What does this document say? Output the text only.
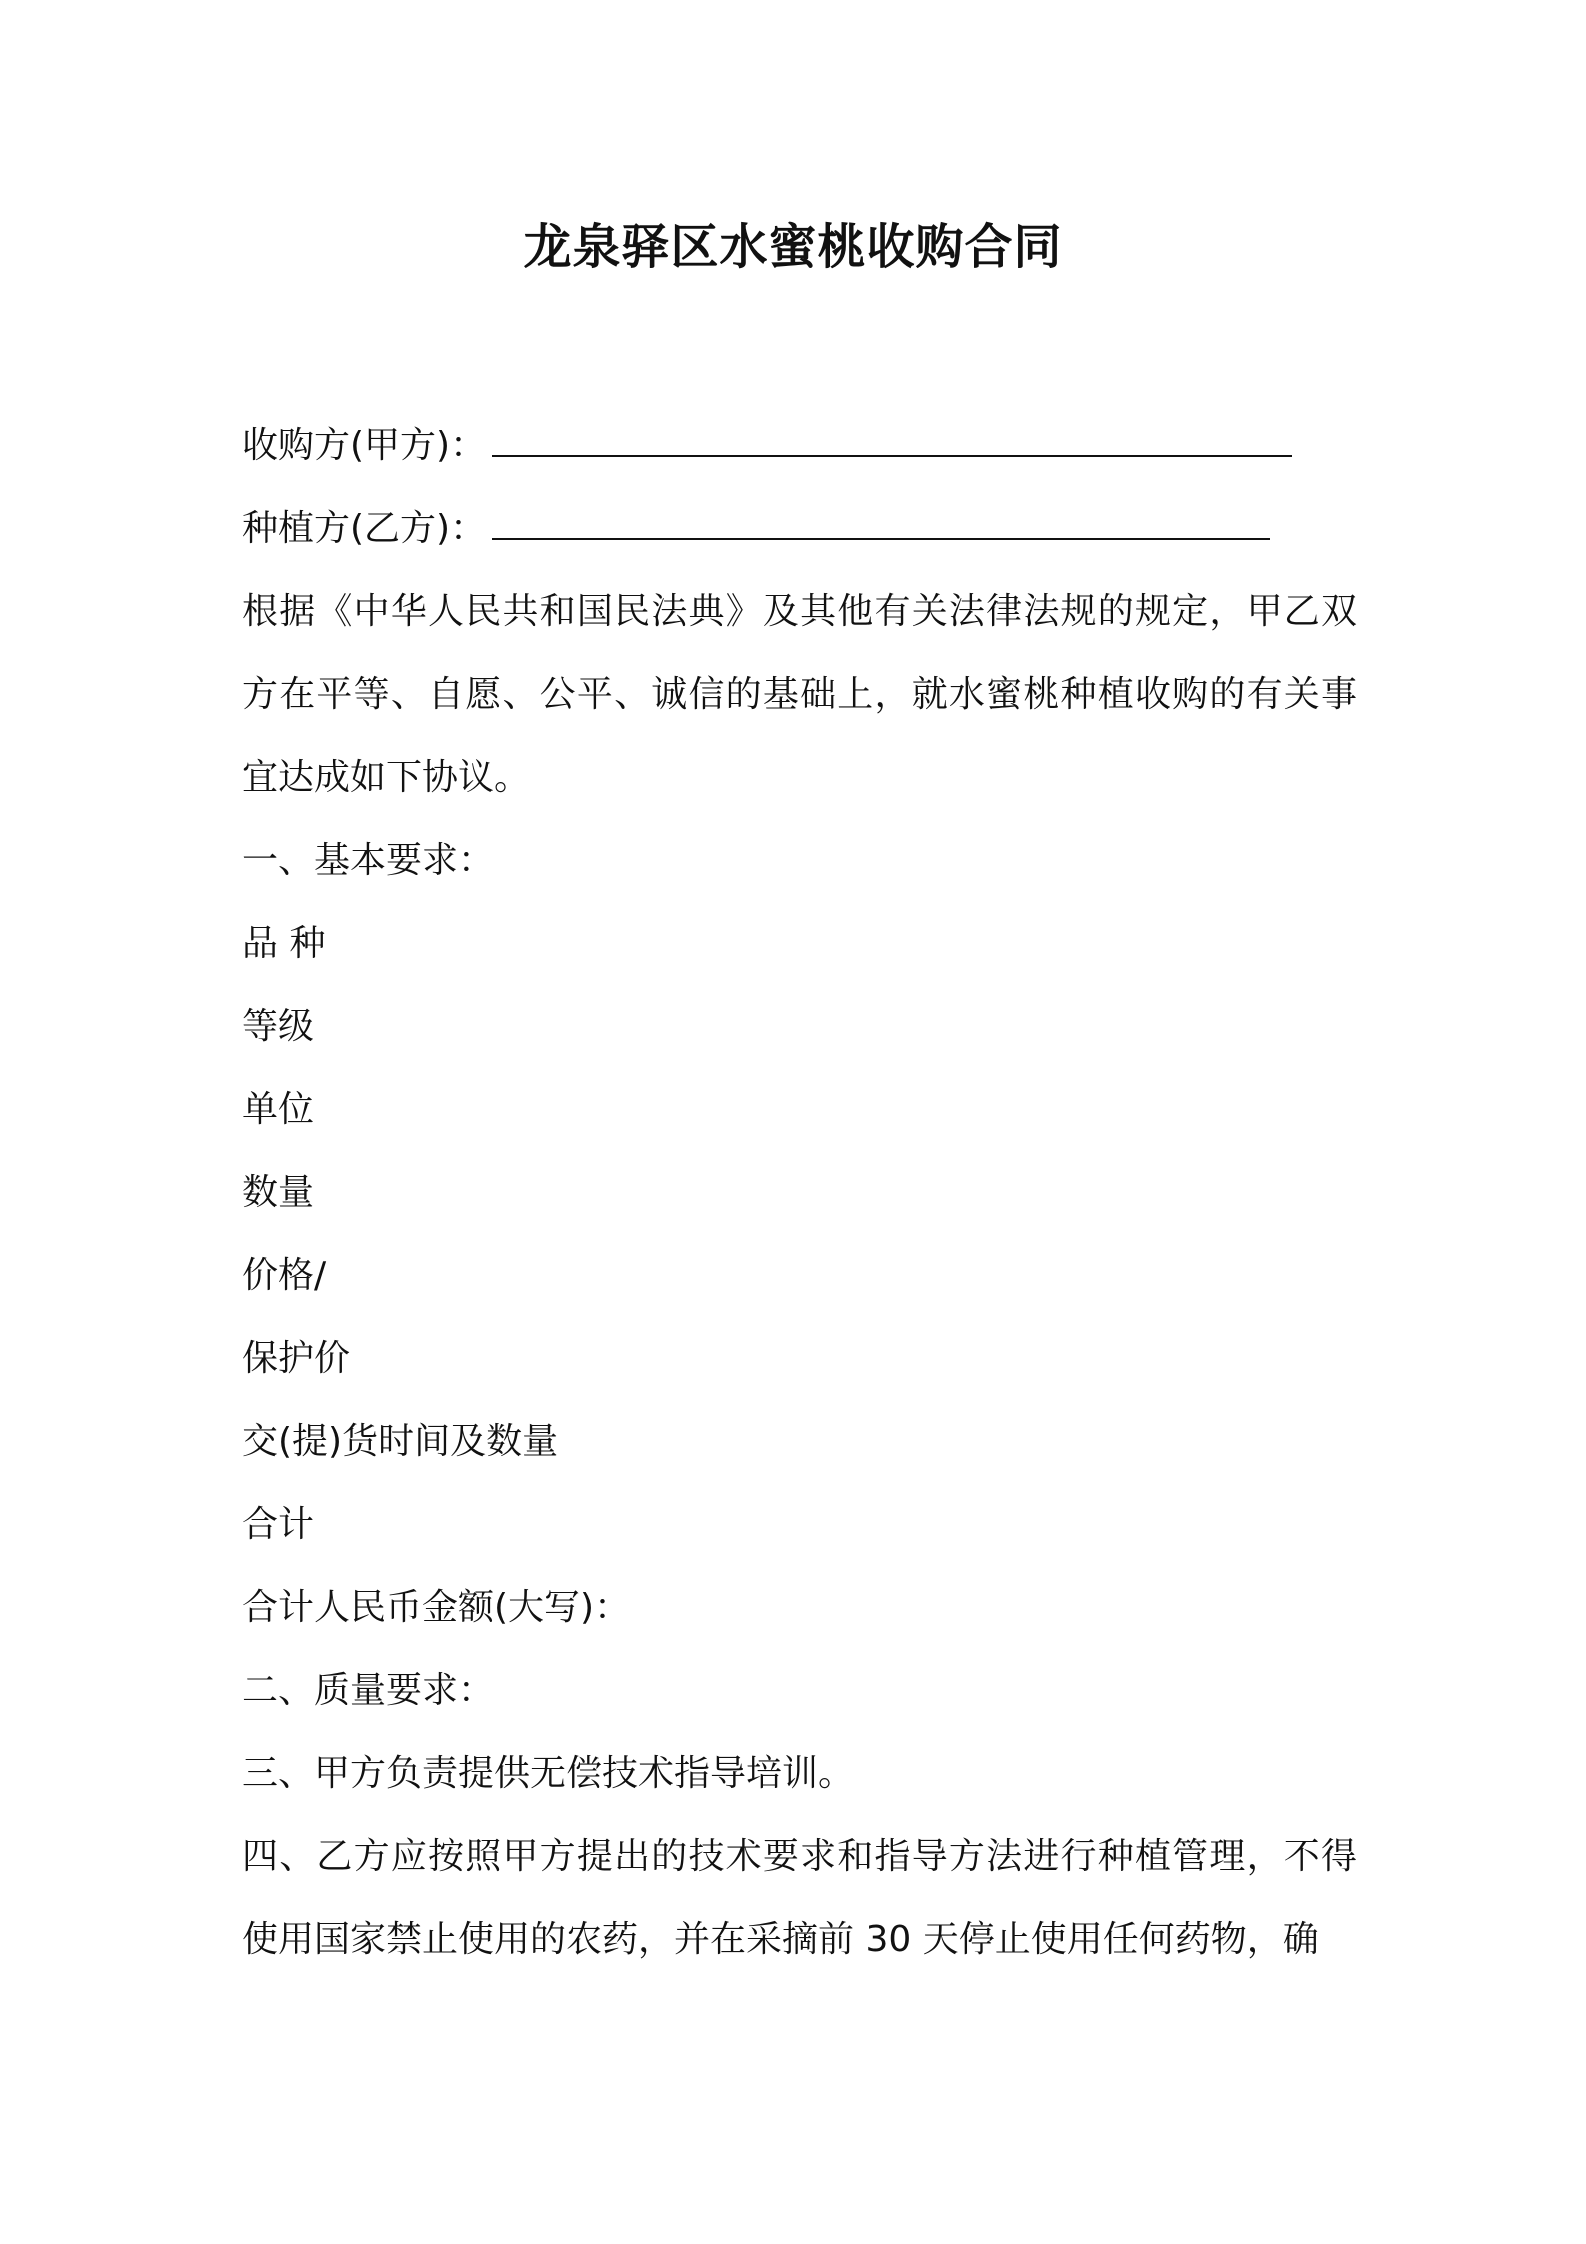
龙泉驿区水蜜桃收购合同

收购方(甲方)：

种植方(乙方)：

根据《中华人民共和国民法典》及其他有关法律法规的规定，甲乙双方在平等、自愿、公平、诚信的基础上，就水蜜桃种植收购的有关事宜达成如下协议。

一、基本要求：

品 种

等级

单位

数量

价格/

保护价

交(提)货时间及数量

合计

合计人民币金额(大写)：

二、质量要求：

三、甲方负责提供无偿技术指导培训。

四、乙方应按照甲方提出的技术要求和指导方法进行种植管理，不得使用国家禁止使用的农药，并在采摘前 30 天停止使用任何药物，确
